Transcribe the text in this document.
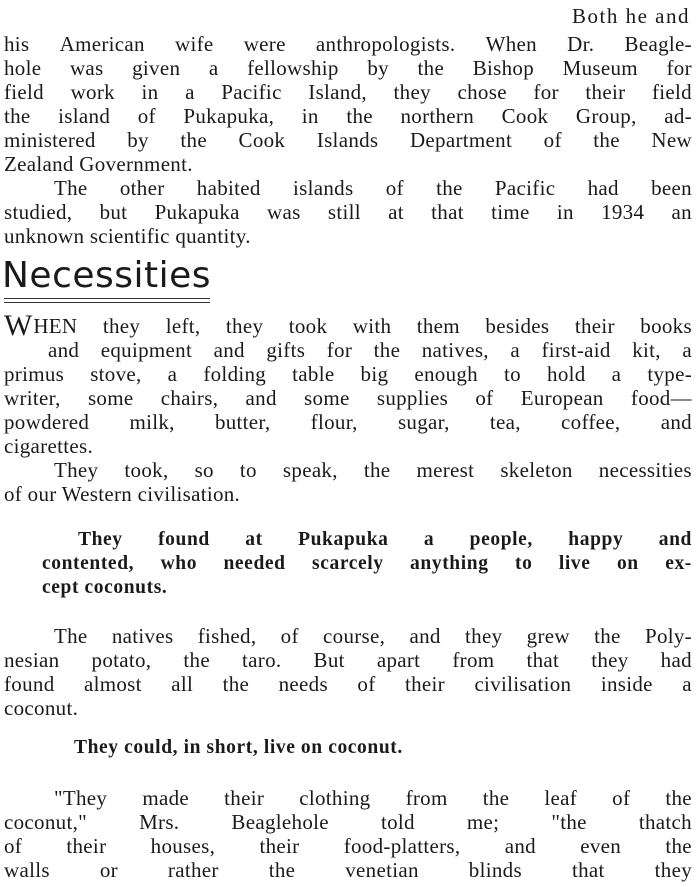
Both he and
his American wife were anthropologists. When Dr. Beagle-
hole was given a fellowship by the Bishop Museum for
field work in a Pacific Island, they chose for their field
the island of Pukapuka, in the northern Cook Group, ad-
ministered by the Cook Islands Department of the New
Zealand Government.
The other habited islands of the Pacific had been
studied, but Pukapuka was still at that time in 1934 an
unknown scientific quantity.
Necessities
W HEN they left, they took with them besides their books
and equipment and gifts for the natives, a first-aid kit, a
primus stove, a folding table big enough to hold a type-
writer, some chairs, and some supplies of European food—
powdered milk, butter, flour, sugar, tea, coffee, and
cigarettes.
They took, so to speak, the merest skeleton necessities
of our Western civilisation.
They found at Pukapuka a people, happy and
contented, who needed scarcely anything to live on ex-
cept coconuts.
The natives fished, of course, and they grew the Poly-
nesian potato, the taro. But apart from that they had
found almost all the needs of their civilisation inside a
coconut.
"They made their clothing from the leaf of the
coconut," Mrs. Beaglehole told me; "the thatch
of their houses, their food-platters, and even the
walls or rather the venetian blinds that they
They could, in short, live on coconut.
